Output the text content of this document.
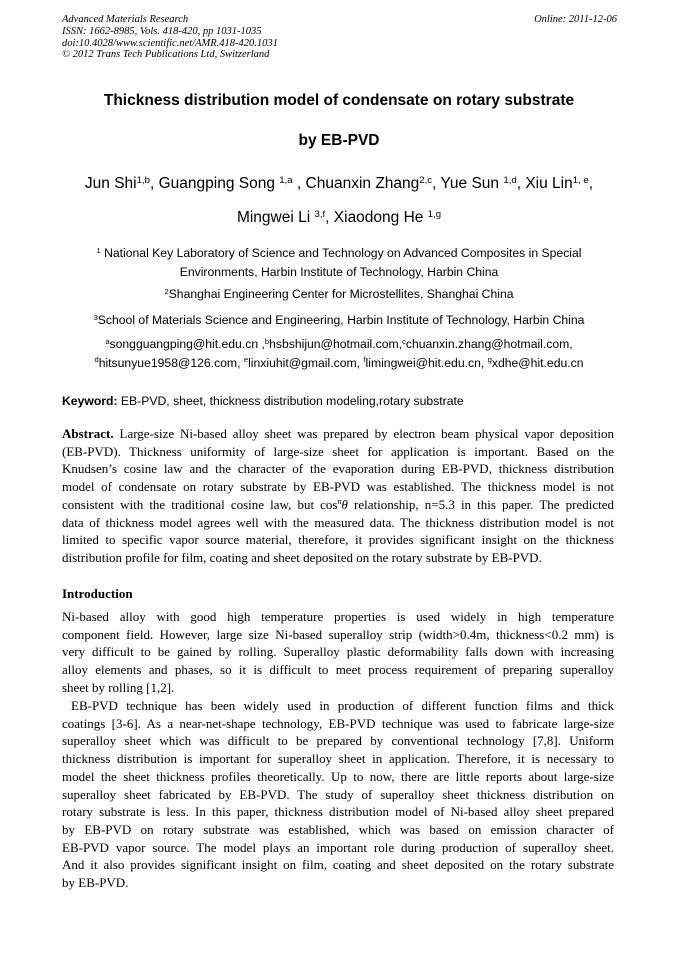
Advanced Materials Research
ISSN: 1662-8985, Vols. 418-420, pp 1031-1035
doi:10.4028/www.scientific.net/AMR.418-420.1031
© 2012 Trans Tech Publications Ltd, Switzerland
Online: 2011-12-06
Thickness distribution model of condensate on rotary substrate
by EB-PVD
Jun Shi$^{1,b}$, Guangping Song $^{1,a}$ , Chuanxin Zhang$^{2,c}$, Yue Sun $^{1,d}$, Xiu Lin$^{1, e}$,
Mingwei Li $^{3,f}$, Xiaodong He $^{1,g}$
$^1$ National Key Laboratory of Science and Technology on Advanced Composites in Special
Environments, Harbin Institute of Technology, Harbin China
$^2$Shanghai Engineering Center for Microstellites, Shanghai China
$^3$School of Materials Science and Engineering, Harbin Institute of Technology, Harbin China
$^a$songguangping@hit.edu.cn ,$^b$hsbshijun@hotmail.com,$^c$chuanxin.zhang@hotmail.com,
$^d$hitsunyue1958@126.com, $^e$linxiuhit@gmail.com, $^f$limingwei@hit.edu.cn, $^g$xdhe@hit.edu.cn
Keyword: EB-PVD, sheet, thickness distribution modeling,rotary substrate
Abstract. Large-size Ni-based alloy sheet was prepared by electron beam physical vapor deposition
(EB-PVD). Thickness uniformity of large-size sheet for application is important. Based on the
Knudsen’s cosine law and the character of the evaporation during EB-PVD, thickness distribution
model of condensate on rotary substrate by EB-PVD was established. The thickness model is not
consistent with the traditional cosine law, but $\cos^n\theta$ relationship, n=5.3 in this paper. The predicted
data of thickness model agrees well with the measured data. The thickness distribution model is not
limited to specific vapor source material, therefore, it provides significant insight on the thickness
distribution profile for film, coating and sheet deposited on the rotary substrate by EB-PVD.
Introduction
Ni-based alloy with good high temperature properties is used widely in high temperature
component field. However, large size Ni-based superalloy strip (width>0.4m, thickness<0.2 mm) is
very difficult to be gained by rolling. Superalloy plastic deformability falls down with increasing
alloy elements and phases, so it is difficult to meet process requirement of preparing superalloy
sheet by rolling [1,2].
EB-PVD technique has been widely used in production of different function films and thick
coatings [3-6]. As a near-net-shape technology, EB-PVD technique was used to fabricate large-size
superalloy sheet which was difficult to be prepared by conventional technology [7,8]. Uniform
thickness distribution is important for superalloy sheet in application. Therefore, it is necessary to
model the sheet thickness profiles theoretically. Up to now, there are little reports about large-size
superalloy sheet fabricated by EB-PVD. The study of superalloy sheet thickness distribution on
rotary substrate is less. In this paper, thickness distribution model of Ni-based alloy sheet prepared
by EB-PVD on rotary substrate was established, which was based on emission character of
EB-PVD vapor source. The model plays an important role during production of superalloy sheet.
And it also provides significant insight on film, coating and sheet deposited on the rotary substrate
by EB-PVD.
